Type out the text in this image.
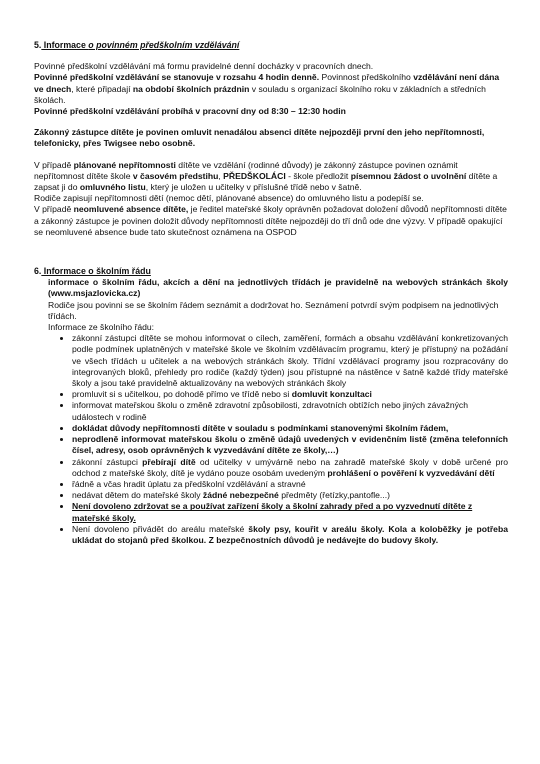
5. Informace o povinném předškolním vzdělávání

Povinné předškolní vzdělávání má formu pravidelné denní docházky v pracovních dnech.
Povinné předškolní vzdělávání se stanovuje v rozsahu 4 hodin denně. Povinnost předškolního vzdělávání není dána ve dnech, které připadají na období školních prázdnin v souladu s organizací školního roku v základních a středních školách.
Povinné předškolní vzdělávání probíhá v pracovní dny od 8:30 – 12:30 hodin

Zákonný zástupce dítěte je povinen omluvit nenadálou absenci dítěte nejpozději první den jeho nepřítomnosti, telefonicky, přes Twigsee nebo osobně.

V případě plánované nepřítomnosti dítěte ve vzdělání (rodinné důvody) je zákonný zástupce povinen oznámit nepřítomnost dítěte škole v časovém předstihu, PŘEDŠKOLÁCI - škole předložit písemnou žádost o uvolnění dítěte a zapsat ji do omluvného listu, který je uložen u učitelky v příslušné třídě nebo v šatně.

Rodiče zapisují nepřítomnosti dětí (nemoc dětí, plánované absence) do omluvného listu a podepíší se.

V případě neomluvené absence dítěte, je ředitel mateřské školy oprávněn požadovat doložení důvodů nepřítomnosti dítěte a zákonný zástupce je povinen doložit důvody nepřítomnosti dítěte nejpozději do tří dnů ode dne výzvy. V případě opakující se neomluvené absence bude tato skutečnost oznámena na OSPOD

6. Informace o školním řádu

informace o školním řádu, akcích a dění na jednotlivých třídách je pravidelně na webových stránkách školy (www.msjazlovicka.cz)

Rodiče jsou povinni se se školním řádem seznámit a dodržovat ho. Seznámení potvrdí svým podpisem na jednotlivých třídách.

Informace ze školního řádu:

• zákonní zástupci dítěte se mohou informovat o cílech, zaměření, formách a obsahu vzdělávání konkretizovaných podle podmínek uplatněných v mateřské škole ve školním vzdělávacím programu, který je přístupný na požádání ve všech třídách u učitelek a na webových stránkách školy. Třídní vzdělávací programy jsou rozpracovány do integrovaných bloků, přehledy pro rodiče (každý týden) jsou přístupné na nástěnce v šatně každé třídy mateřské školy a jsou také pravidelně aktualizovány na webových stránkách školy
• promluvit si s učitelkou, po dohodě přímo ve třídě nebo si domluvit konzultaci
• informovat mateřskou školu o změně zdravotní způsobilosti, zdravotních obtížích nebo jiných závažných událostech v rodině
• dokládat důvody nepřítomnosti dítěte v souladu s podmínkami stanovenými školním řádem,
• neprodleně informovat mateřskou školu o změně údajů uvedených v evidenčním listě (změna telefonních čísel, adresy, osob oprávněných k vyzvedávání dítěte ze školy,…)
• zákonní zástupci přebírají dítě od učitelky v umývárně nebo na zahradě mateřské školy v době určené pro odchod z mateřské školy, dítě je vydáno pouze osobám uvedeným prohlášení o pověření k vyzvedávání dětí
• řádně a včas hradit úplatu za předškolní vzdělávání a stravné
• nedávat dětem do mateřské školy žádné nebezpečné předměty (řetízky,pantofle...)
• Není dovoleno zdržovat se a používat zařízení školy a školní zahrady před a po vyzvednutí dítěte z mateřské školy.
• Není dovoleno přivádět do areálu mateřské školy psy, kouřit v areálu školy. Kola a koloběžky je potřeba ukládat do stojanů před školkou. Z bezpečnostních důvodů je nedávejte do budovy školy.
